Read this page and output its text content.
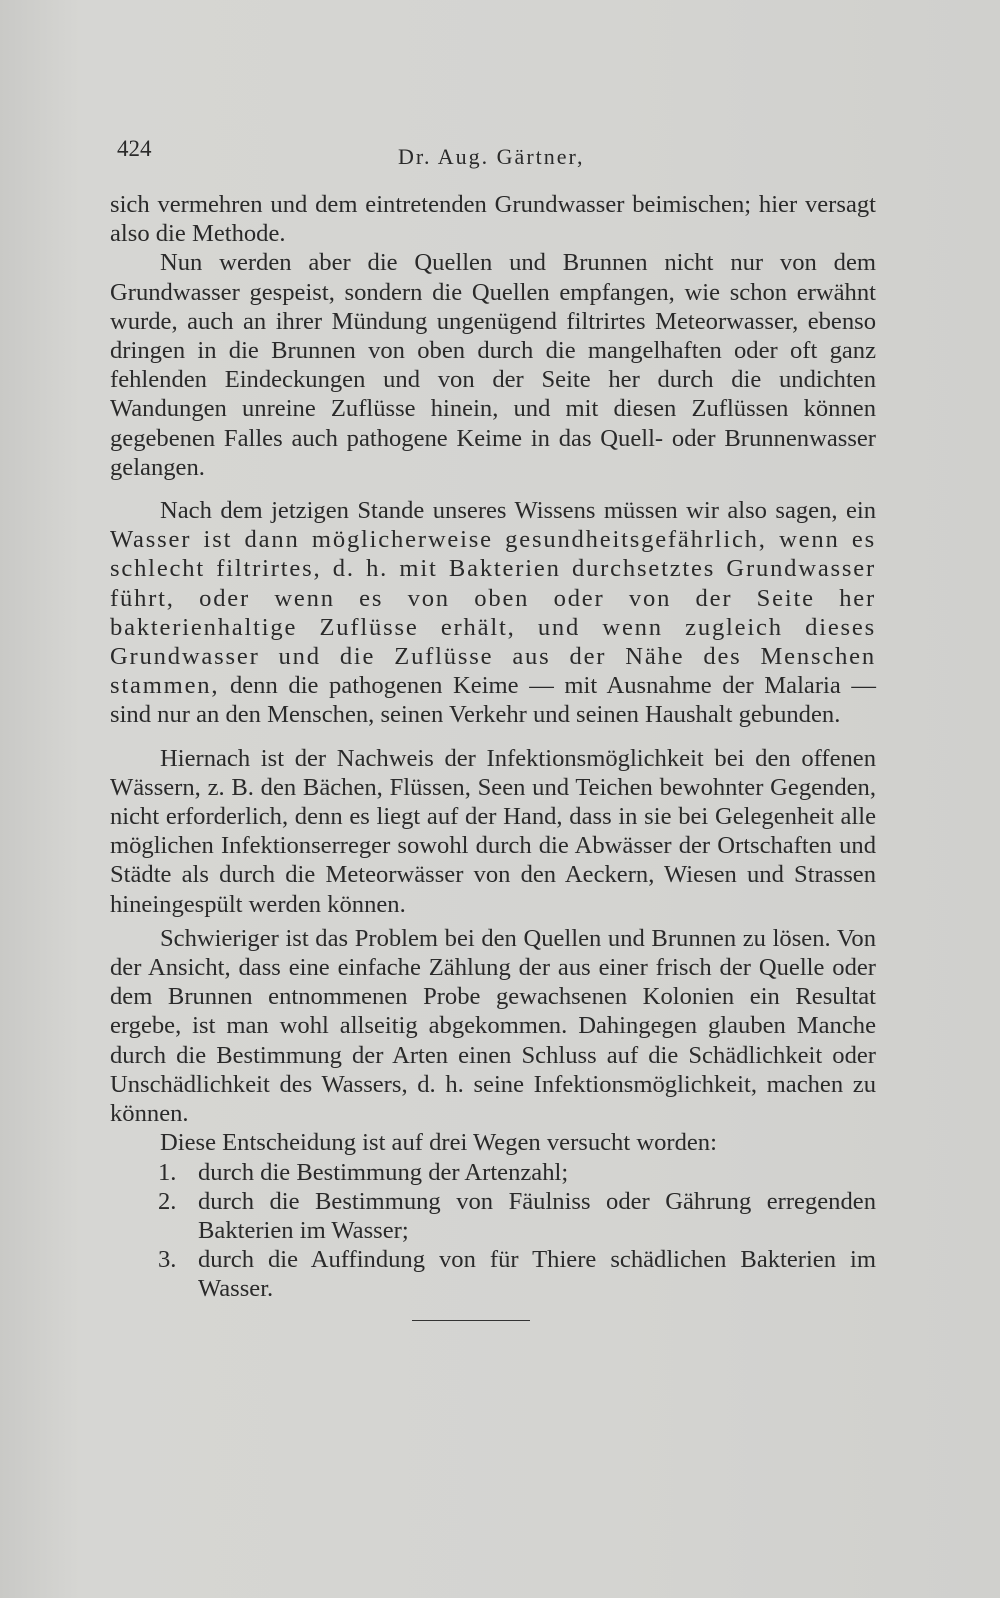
424	Dr. Aug. Gärtner,

sich vermehren und dem eintretenden Grundwasser beimischen; hier versagt also die Methode.

Nun werden aber die Quellen und Brunnen nicht nur von dem Grundwasser gespeist, sondern die Quellen empfangen, wie schon erwähnt wurde, auch an ihrer Mündung ungenügend filtrirtes Meteorwasser, ebenso dringen in die Brunnen von oben durch die mangelhaften oder oft ganz fehlenden Eindeckungen und von der Seite her durch die undichten Wandungen unreine Zuflüsse hinein, und mit diesen Zuflüssen können gegebenen Falles auch pathogene Keime in das Quell- oder Brunnenwasser gelangen.

Nach dem jetzigen Stande unseres Wissens müssen wir also sagen, ein Wasser ist dann möglicherweise gesundheitsgefährlich, wenn es schlecht filtrirtes, d. h. mit Bakterien durchsetztes Grundwasser führt, oder wenn es von oben oder von der Seite her bakterienhaltige Zuflüsse erhält, und wenn zugleich dieses Grundwasser und die Zuflüsse aus der Nähe des Menschen stammen, denn die pathogenen Keime — mit Ausnahme der Malaria — sind nur an den Menschen, seinen Verkehr und seinen Haushalt gebunden.

Hiernach ist der Nachweis der Infektionsmöglichkeit bei den offenen Wässern, z. B. den Bächen, Flüssen, Seen und Teichen bewohnter Gegenden, nicht erforderlich, denn es liegt auf der Hand, dass in sie bei Gelegenheit alle möglichen Infektionserreger sowohl durch die Abwässer der Ortschaften und Städte als durch die Meteorwässer von den Aeckern, Wiesen und Strassen hineingespült werden können.

Schwieriger ist das Problem bei den Quellen und Brunnen zu lösen. Von der Ansicht, dass eine einfache Zählung der aus einer frisch der Quelle oder dem Brunnen entnommenen Probe gewachsenen Kolonien ein Resultat ergebe, ist man wohl allseitig abgekommen. Dahingegen glauben Manche durch die Bestimmung der Arten einen Schluss auf die Schädlichkeit oder Unschädlichkeit des Wassers, d. h. seine Infektionsmöglichkeit, machen zu können.

Diese Entscheidung ist auf drei Wegen versucht worden:

1. durch die Bestimmung der Artenzahl;
2. durch die Bestimmung von Fäulniss oder Gährung erregenden Bakterien im Wasser;
3. durch die Auffindung von für Thiere schädlichen Bakterien im Wasser.
